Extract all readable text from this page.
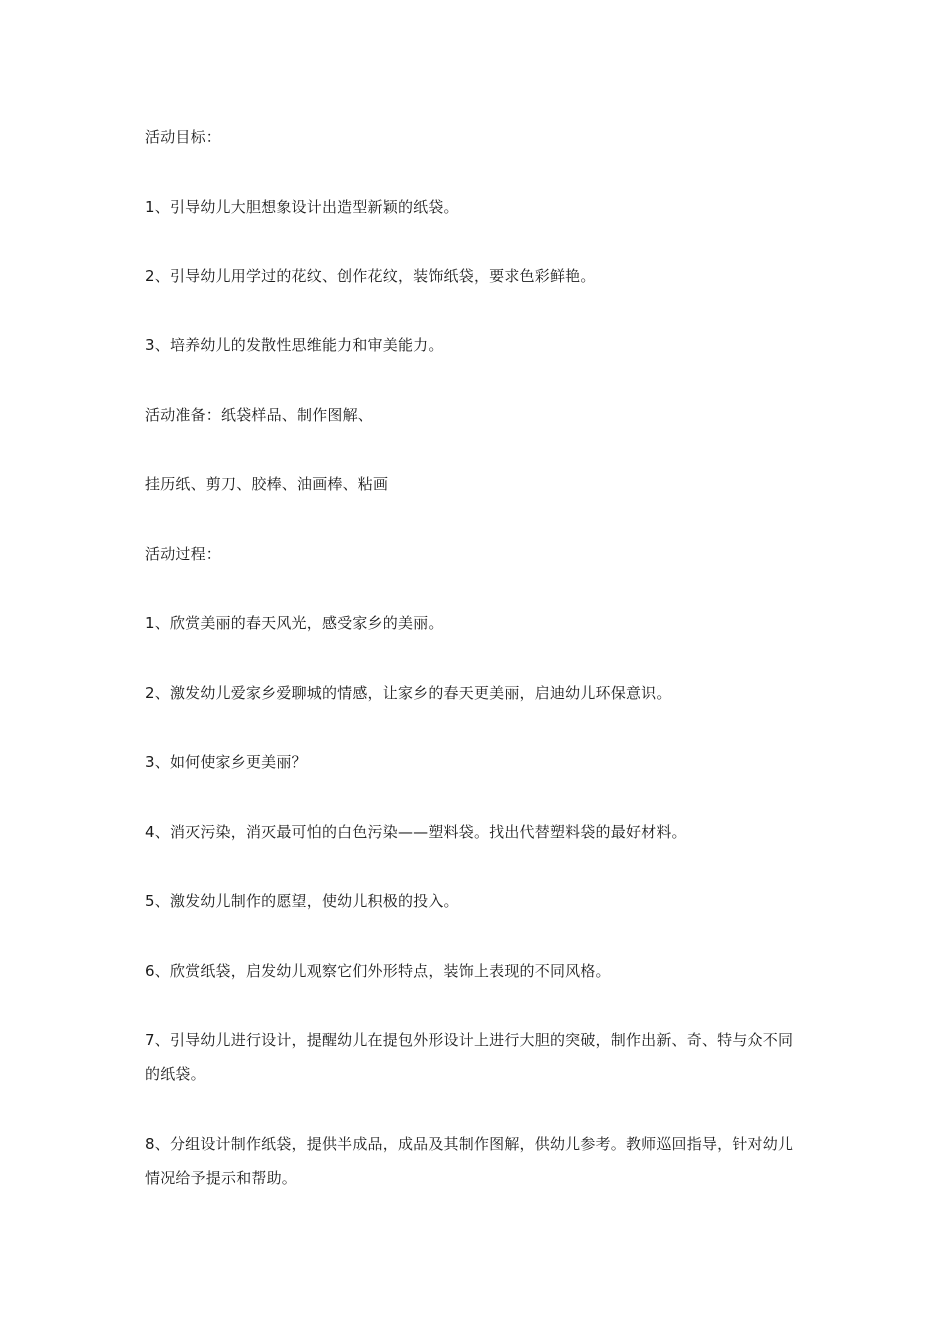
活动目标：

1、引导幼儿大胆想象设计出造型新颖的纸袋。

2、引导幼儿用学过的花纹、创作花纹，装饰纸袋，要求色彩鲜艳。

3、培养幼儿的发散性思维能力和审美能力。

活动准备：纸袋样品、制作图解、

挂历纸、剪刀、胶棒、油画棒、粘画

活动过程：

1、欣赏美丽的春天风光，感受家乡的美丽。

2、激发幼儿爱家乡爱聊城的情感，让家乡的春天更美丽，启迪幼儿环保意识。

3、如何使家乡更美丽？

4、消灭污染，消灭最可怕的白色污染——塑料袋。找出代替塑料袋的最好材料。

5、激发幼儿制作的愿望，使幼儿积极的投入。

6、欣赏纸袋，启发幼儿观察它们外形特点，装饰上表现的不同风格。

7、引导幼儿进行设计，提醒幼儿在提包外形设计上进行大胆的突破，制作出新、奇、特与众不同的纸袋。

8、分组设计制作纸袋，提供半成品，成品及其制作图解，供幼儿参考。教师巡回指导，针对幼儿情况给予提示和帮助。
